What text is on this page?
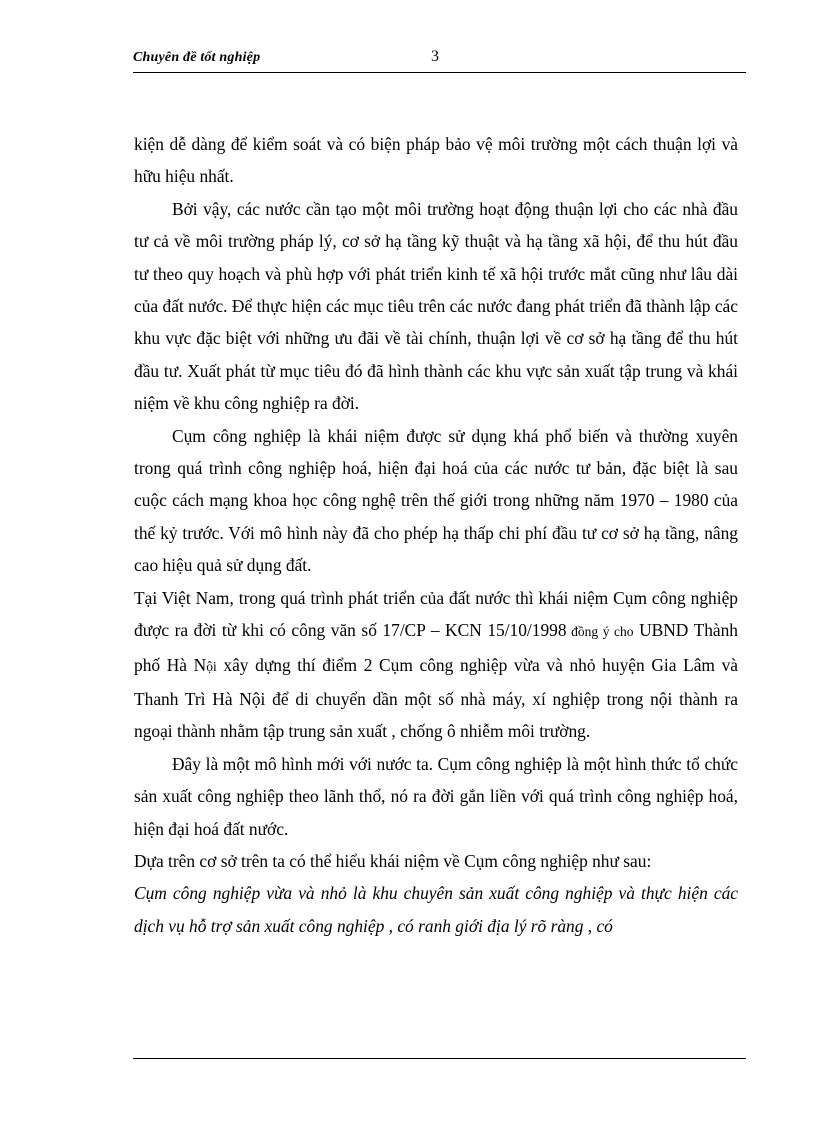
Chuyên đề tốt nghiệp	3

kiện dễ dàng để kiểm soát và có biện pháp bảo vệ môi trường một cách thuận lợi và hữu hiệu nhất.

Bởi vậy, các nước cần tạo một môi trường hoạt động thuận lợi cho các nhà đầu tư cả về môi trường pháp lý, cơ sở hạ tầng kỹ thuật và hạ tầng xã hội, để thu hút đầu tư theo quy hoạch và phù hợp với phát triển kinh tế xã hội trước mắt cũng như lâu dài của đất nước. Để thực hiện các mục tiêu trên các nước đang phát triển đã thành lập các khu vực đặc biệt với những ưu đãi về tài chính, thuận lợi về cơ sở hạ tầng để thu hút đầu tư. Xuất phát từ mục tiêu đó đã hình thành các khu vực sản xuất tập trung và khái niệm về khu công nghiệp ra đời.

Cụm công nghiệp là khái niệm được sử dụng khá phổ biến và thường xuyên trong quá trình công nghiệp hoá, hiện đại hoá của các nước tư bản, đặc biệt là sau cuộc cách mạng khoa học công nghệ trên thế giới trong những năm 1970 – 1980 của thế kỷ trước. Với mô hình này đã cho phép hạ thấp chi phí đầu tư cơ sở hạ tầng, nâng cao hiệu quả sử dụng đất.

Tại Việt Nam, trong quá trình phát triển của đất nước thì khái niệm Cụm công nghiệp được ra đời từ khi có công văn số 17/CP – KCN 15/10/1998 đồng ý cho UBND Thành phố Hà Nội xây dựng thí điểm 2 Cụm công nghiệp vừa và nhỏ huyện Gia Lâm và Thanh Trì Hà Nội để di chuyển dần một số nhà máy, xí nghiệp trong nội thành ra ngoại thành nhằm tập trung sản xuất , chống ô nhiễm môi trường.

Đây là một mô hình mới với nước ta. Cụm công nghiệp là một hình thức tổ chức sản xuất công nghiệp theo lãnh thổ, nó ra đời gắn liền với quá trình công nghiệp hoá, hiện đại hoá đất nước.

Dựa trên cơ sở trên ta có thể hiểu khái niệm về Cụm công nghiệp như sau:

Cụm công nghiệp vừa và nhỏ là khu chuyên sản xuất công nghiệp và thực hiện các dịch vụ hỗ trợ sản xuất công nghiệp , có ranh giới địa lý rõ ràng , có
